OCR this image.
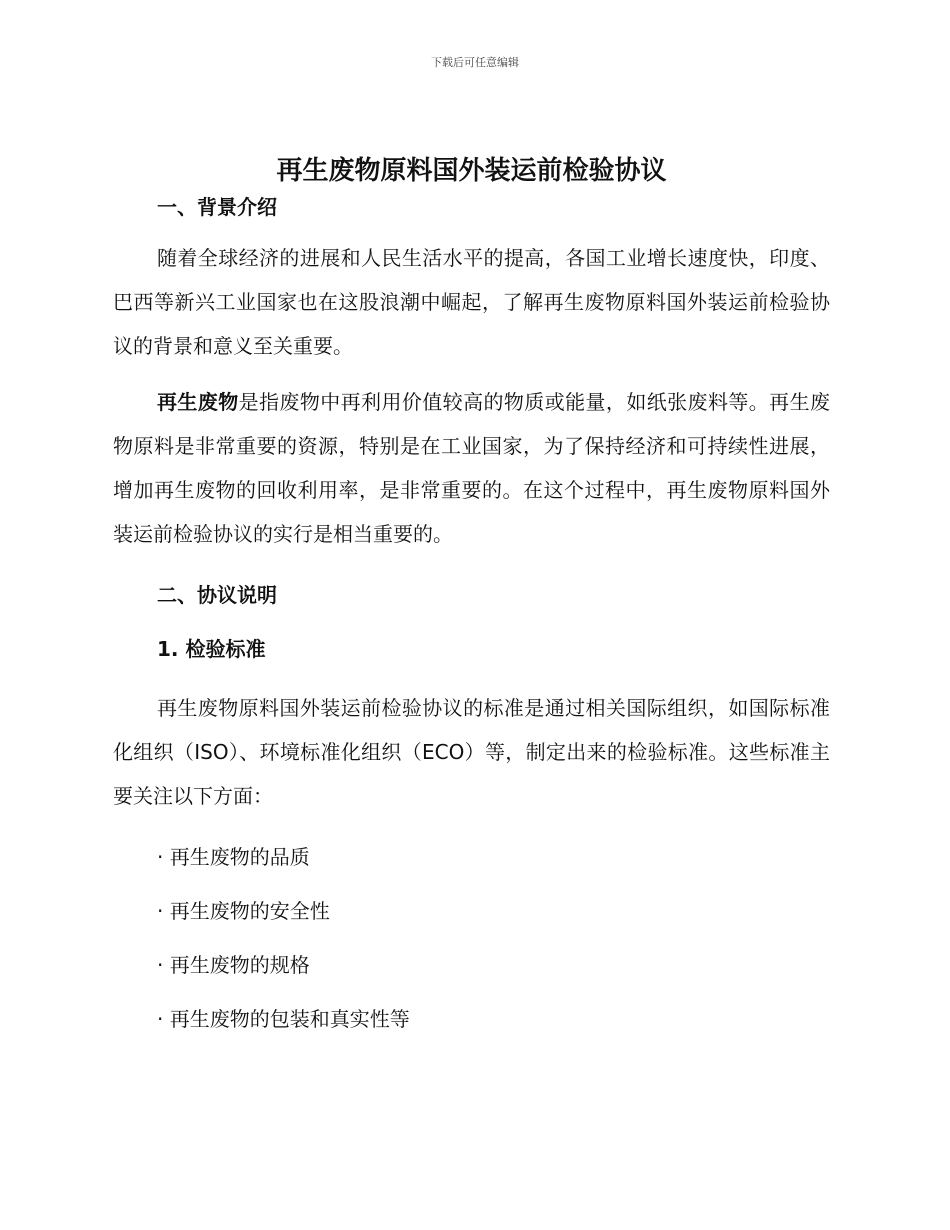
下载后可任意编辑
再生废物原料国外装运前检验协议

一、背景介绍

随着全球经济的进展和人民生活水平的提高，各国工业增长速度快，印度、巴西等新兴工业国家也在这股浪潮中崛起，了解再生废物原料国外装运前检验协议的背景和意义至关重要。

再生废物是指废物中再利用价值较高的物质或能量，如纸张废料等。再生废物原料是非常重要的资源，特别是在工业国家，为了保持经济和可持续性进展，增加再生废物的回收利用率，是非常重要的。在这个过程中，再生废物原料国外装运前检验协议的实行是相当重要的。

二、协议说明

1. 检验标准

再生废物原料国外装运前检验协议的标准是通过相关国际组织，如国际标准化组织（ISO）、环境标准化组织（ECO）等，制定出来的检验标准。这些标准主要关注以下方面：

· 再生废物的品质

· 再生废物的安全性

· 再生废物的规格

· 再生废物的包装和真实性等
